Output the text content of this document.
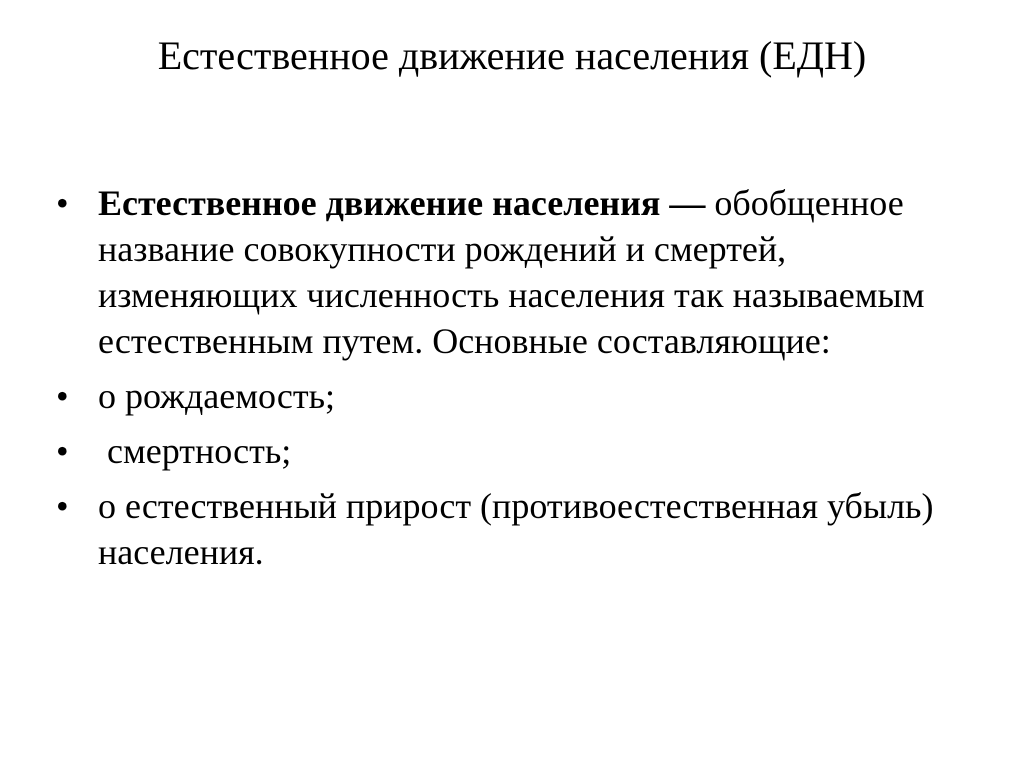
Естественное движение населения (ЕДН)
• Естественное движение населения — обобщенное название совокупности рождений и смертей, изменяющих численность населения так называемым естественным путем. Основные составляющие:
• о рождаемость;
• смертность;
• о естественный прирост (противоестественная убыль) населения.
